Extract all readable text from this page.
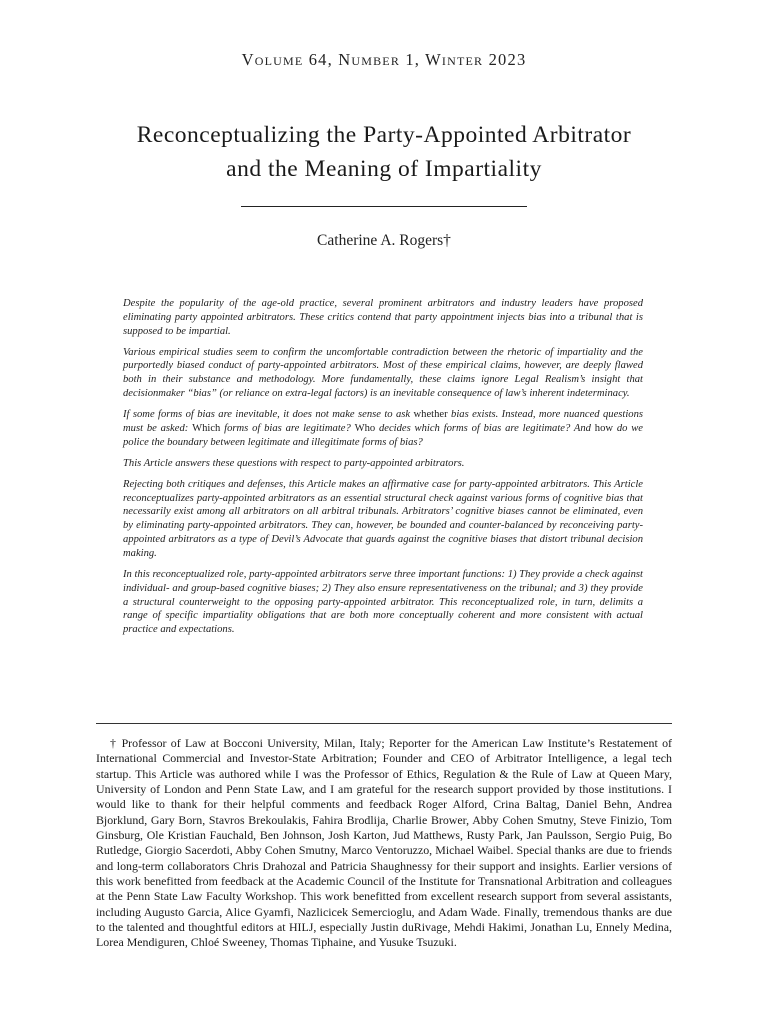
Volume 64, Number 1, Winter 2023
Reconceptualizing the Party-Appointed Arbitrator
and the Meaning of Impartiality
Catherine A. Rogers†

Despite the popularity of the age-old practice, several prominent arbitrators and industry leaders have proposed eliminating party appointed arbitrators. These critics contend that party appointment injects bias into a tribunal that is supposed to be impartial.

Various empirical studies seem to confirm the uncomfortable contradiction between the rhetoric of impartiality and the purportedly biased conduct of party-appointed arbitrators. Most of these empirical claims, however, are deeply flawed both in their substance and methodology. More fundamentally, these claims ignore Legal Realism’s insight that decisionmaker “bias” (or reliance on extra-legal factors) is an inevitable consequence of law’s inherent indeterminacy.

If some forms of bias are inevitable, it does not make sense to ask whether bias exists. Instead, more nuanced questions must be asked: Which forms of bias are legitimate? Who decides which forms of bias are legitimate? And how do we police the boundary between legitimate and illegitimate forms of bias?

This Article answers these questions with respect to party-appointed arbitrators.

Rejecting both critiques and defenses, this Article makes an affirmative case for party-appointed arbitrators. This Article reconceptualizes party-appointed arbitrators as an essential structural check against various forms of cognitive bias that necessarily exist among all arbitrators on all arbitral tribunals. Arbitrators’ cognitive biases cannot be eliminated, even by eliminating party-appointed arbitrators. They can, however, be bounded and counter-balanced by reconceiving party-appointed arbitrators as a type of Devil’s Advocate that guards against the cognitive biases that distort tribunal decision making.

In this reconceptualized role, party-appointed arbitrators serve three important functions: 1) They provide a check against individual- and group-based cognitive biases; 2) They also ensure representativeness on the tribunal; and 3) they provide a structural counterweight to the opposing party-appointed arbitrator. This reconceptualized role, in turn, delimits a range of specific impartiality obligations that are both more conceptually coherent and more consistent with actual practice and expectations.

† Professor of Law at Bocconi University, Milan, Italy; Reporter for the American Law Institute’s Restatement of International Commercial and Investor-State Arbitration; Founder and CEO of Arbitrator Intelligence, a legal tech startup. This Article was authored while I was the Professor of Ethics, Regulation & the Rule of Law at Queen Mary, University of London and Penn State Law, and I am grateful for the research support provided by those institutions. I would like to thank for their helpful comments and feedback Roger Alford, Crina Baltag, Daniel Behn, Andrea Bjorklund, Gary Born, Stavros Brekoulakis, Fahira Brodlija, Charlie Brower, Abby Cohen Smutny, Steve Finizio, Tom Ginsburg, Ole Kristian Fauchald, Ben Johnson, Josh Karton, Jud Matthews, Rusty Park, Jan Paulsson, Sergio Puig, Bo Rutledge, Giorgio Sacerdoti, Abby Cohen Smutny, Marco Ventoruzzo, Michael Waibel. Special thanks are due to friends and long-term collaborators Chris Drahozal and Patricia Shaughnessy for their support and insights. Earlier versions of this work benefitted from feedback at the Academic Council of the Institute for Transnational Arbitration and colleagues at the Penn State Law Faculty Workshop. This work benefitted from excellent research support from several assistants, including Augusto Garcia, Alice Gyamfi, Nazlicicek Semercioglu, and Adam Wade. Finally, tremendous thanks are due to the talented and thoughtful editors at HILJ, especially Justin duRivage, Mehdi Hakimi, Jonathan Lu, Ennely Medina, Lorea Mendiguren, Chloé Sweeney, Thomas Tiphaine, and Yusuke Tsuzuki.
